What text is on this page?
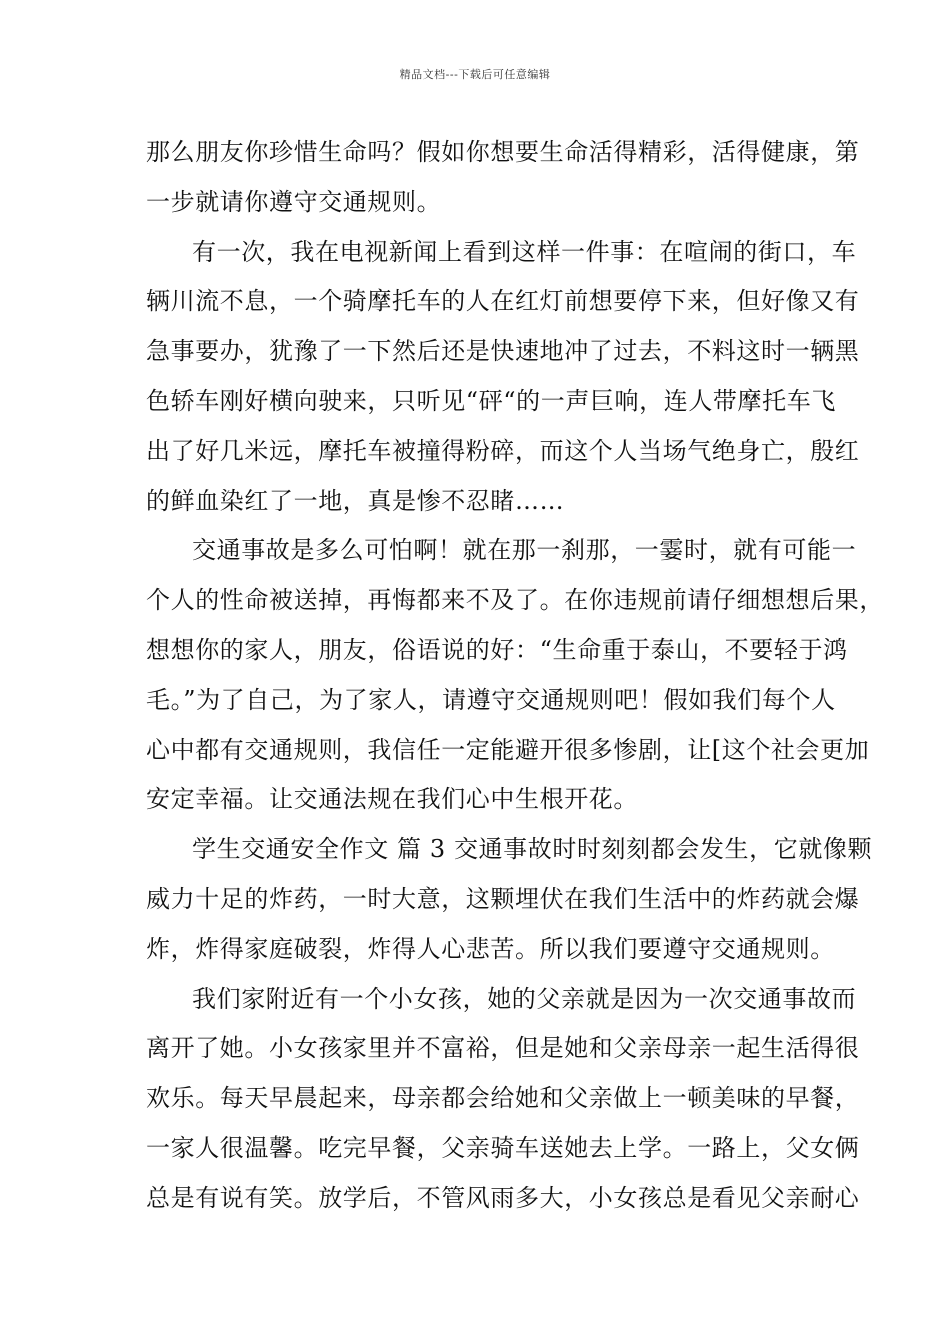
精品文档---下载后可任意编辑
那么朋友你珍惜生命吗？假如你想要生命活得精彩，活得健康，第
一步就请你遵守交通规则。
有一次，我在电视新闻上看到这样一件事：在喧闹的街口，车
辆川流不息，一个骑摩托车的人在红灯前想要停下来，但好像又有
急事要办，犹豫了一下然后还是快速地冲了过去，不料这时一辆黑
色轿车刚好横向驶来，只听见“砰“的一声巨响，连人带摩托车飞
出了好几米远，摩托车被撞得粉碎，而这个人当场气绝身亡，殷红
的鲜血染红了一地，真是惨不忍睹……
交通事故是多么可怕啊！就在那一刹那，一霎时，就有可能一
个人的性命被送掉，再悔都来不及了。在你违规前请仔细想想后果，
想想你的家人，朋友，俗语说的好：“生命重于泰山，不要轻于鸿
毛。”为了自己，为了家人，请遵守交通规则吧！假如我们每个人
心中都有交通规则，我信任一定能避开很多惨剧，让[这个社会更加
安定幸福。让交通法规在我们心中生根开花。
学生交通安全作文 篇 3 交通事故时时刻刻都会发生，它就像颗
威力十足的炸药，一时大意，这颗埋伏在我们生活中的炸药就会爆
炸，炸得家庭破裂，炸得人心悲苦。所以我们要遵守交通规则。
我们家附近有一个小女孩，她的父亲就是因为一次交通事故而
离开了她。小女孩家里并不富裕，但是她和父亲母亲一起生活得很
欢乐。每天早晨起来，母亲都会给她和父亲做上一顿美味的早餐，
一家人很温馨。吃完早餐，父亲骑车送她去上学。一路上，父女俩
总是有说有笑。放学后，不管风雨多大，小女孩总是看见父亲耐心
